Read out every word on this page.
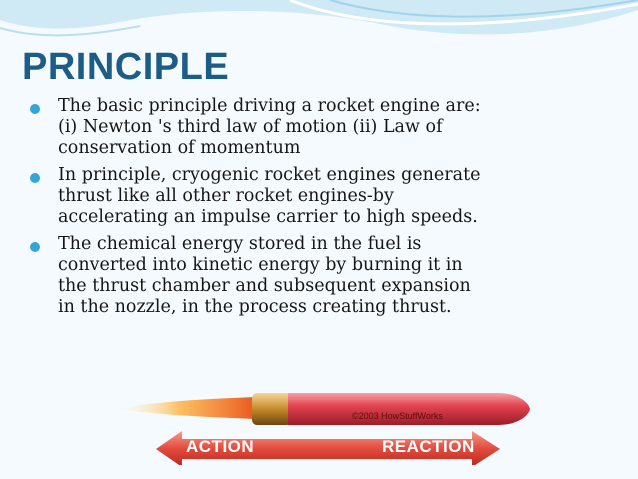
PRINCIPLE
The basic principle driving a rocket engine are:
(i) Newton 's third law of motion (ii) Law of
conservation of momentum
In principle, cryogenic rocket engines generate
thrust like all other rocket engines-by
accelerating an impulse carrier to high speeds.
The chemical energy stored in the fuel is
converted into kinetic energy by burning it in
the thrust chamber and subsequent expansion
in the nozzle, in the process creating thrust.
©2003 HowStuffWorks
ACTION	REACTION
